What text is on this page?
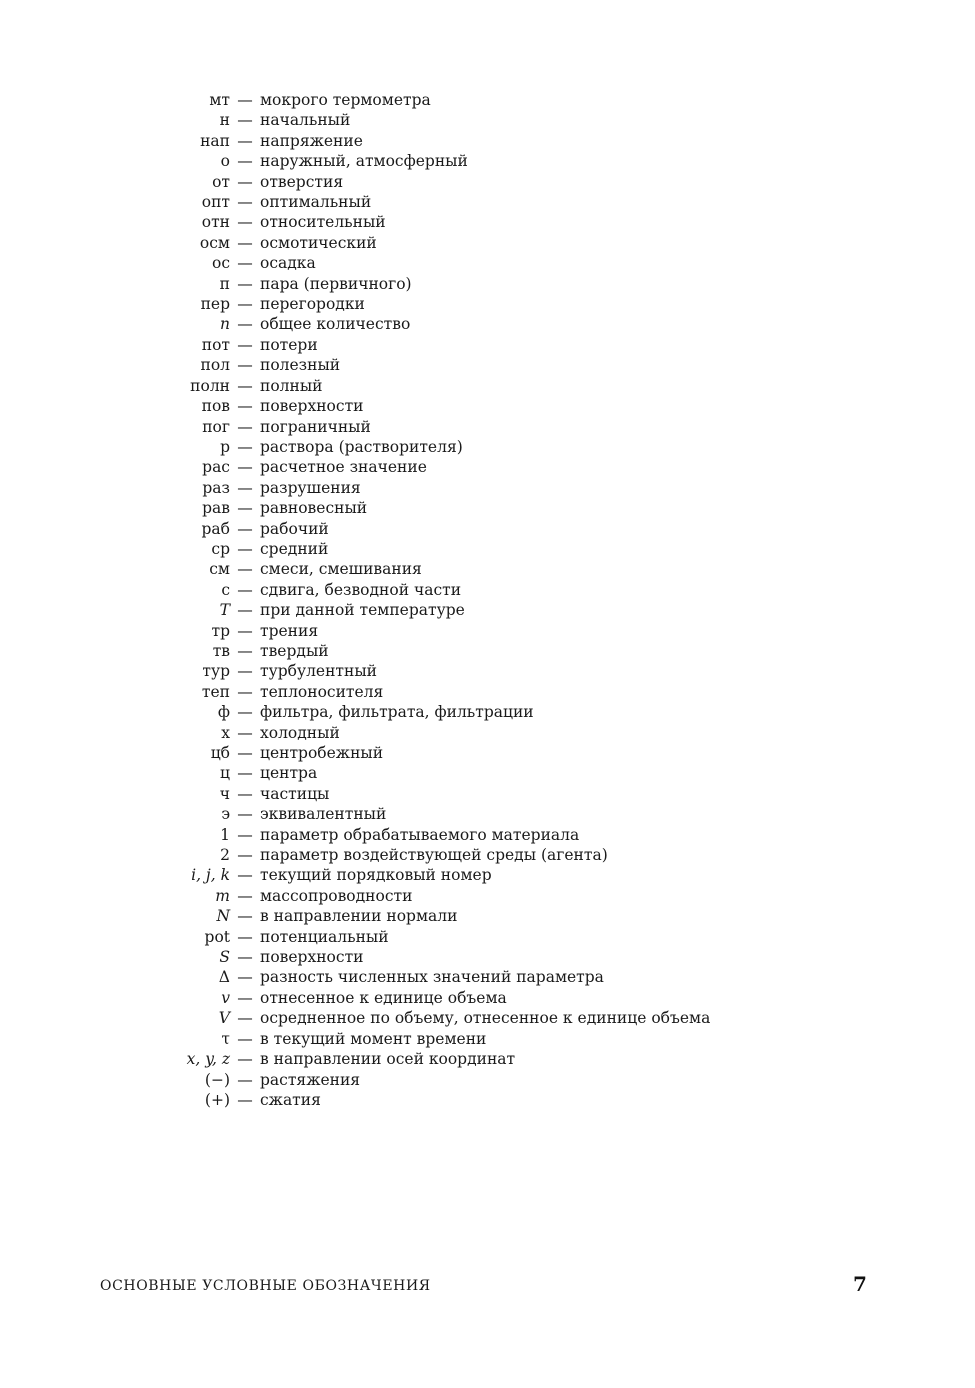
мт — мокрого термометра
н — начальный
нап — напряжение
о — наружный, атмосферный
от — отверстия
опт — оптимальный
отн — относительный
осм — осмотический
ос — осадка
п — пара (первичного)
пер — перегородки
n — общее количество
пот — потери
пол — полезный
полн — полный
пов — поверхности
пог — пограничный
р — раствора (растворителя)
рас — расчетное значение
раз — разрушения
рав — равновесный
раб — рабочий
ср — средний
см — смеси, смешивания
с — сдвига, безводной части
T — при данной температуре
тр — трения
тв — твердый
тур — турбулентный
теп — теплоносителя
ф — фильтра, фильтрата, фильтрации
х — холодный
цб — центробежный
ц — центра
ч — частицы
э — эквивалентный
1 — параметр обрабатываемого материала
2 — параметр воздействующей среды (агента)
i, j, k — текущий порядковый номер
m — массопроводности
N — в направлении нормали
pot — потенциальный
S — поверхности
Δ — разность численных значений параметра
v — отнесенное к единице объема
V — осредненное по объему, отнесенное к единице объема
τ — в текущий момент времени
x, y, z — в направлении осей координат
(−) — растяжения
(+) — сжатия
ОСНОВНЫЕ УСЛОВНЫЕ ОБОЗНАЧЕНИЯ	7
